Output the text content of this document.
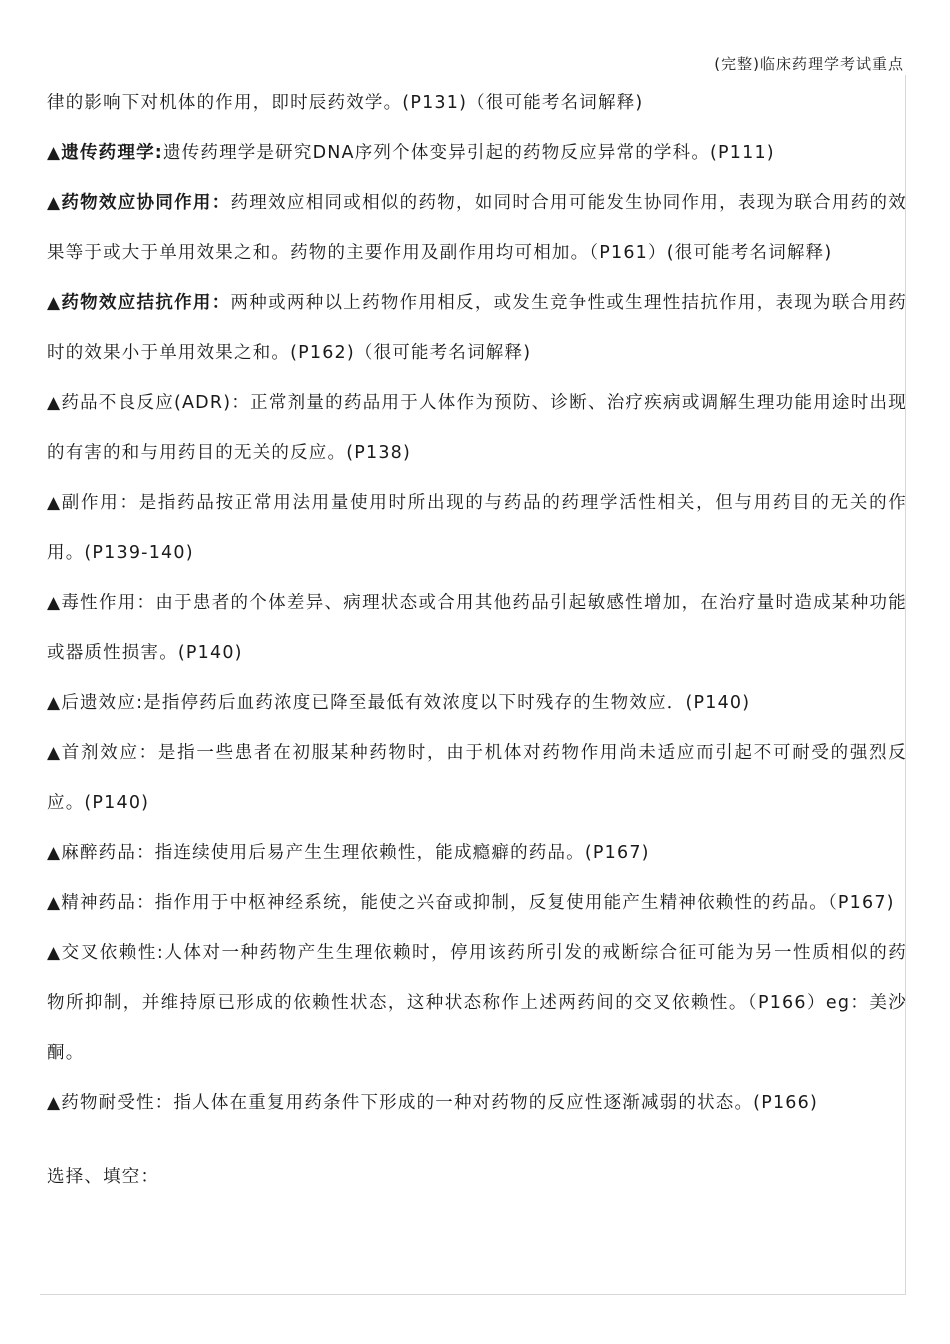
(完整)临床药理学考试重点

律的影响下对机体的作用，即时辰药效学。(P131)（很可能考名词解释)

▲遗传药理学:遗传药理学是研究DNA序列个体变异引起的药物反应异常的学科。(P111)

▲药物效应协同作用：药理效应相同或相似的药物，如同时合用可能发生协同作用，表现为联合用药的效果等于或大于单用效果之和。药物的主要作用及副作用均可相加。（P161）(很可能考名词解释)

▲药物效应拮抗作用：两种或两种以上药物作用相反，或发生竞争性或生理性拮抗作用，表现为联合用药时的效果小于单用效果之和。(P162)（很可能考名词解释)

▲药品不良反应(ADR)：正常剂量的药品用于人体作为预防、诊断、治疗疾病或调解生理功能用途时出现的有害的和与用药目的无关的反应。(P138)

▲副作用：是指药品按正常用法用量使用时所出现的与药品的药理学活性相关，但与用药目的无关的作用。(P139-140)

▲毒性作用：由于患者的个体差异、病理状态或合用其他药品引起敏感性增加，在治疗量时造成某种功能或器质性损害。(P140)

▲后遗效应:是指停药后血药浓度已降至最低有效浓度以下时残存的生物效应．(P140)

▲首剂效应：是指一些患者在初服某种药物时，由于机体对药物作用尚未适应而引起不可耐受的强烈反应。(P140)

▲麻醉药品：指连续使用后易产生生理依赖性，能成瘾癖的药品。(P167)

▲精神药品：指作用于中枢神经系统，能使之兴奋或抑制，反复使用能产生精神依赖性的药品。（P167)

▲交叉依赖性:人体对一种药物产生生理依赖时，停用该药所引发的戒断综合征可能为另一性质相似的药物所抑制，并维持原已形成的依赖性状态，这种状态称作上述两药间的交叉依赖性。（P166）eg：美沙酮。

▲药物耐受性：指人体在重复用药条件下形成的一种对药物的反应性逐渐减弱的状态。(P166)

选择、填空：
